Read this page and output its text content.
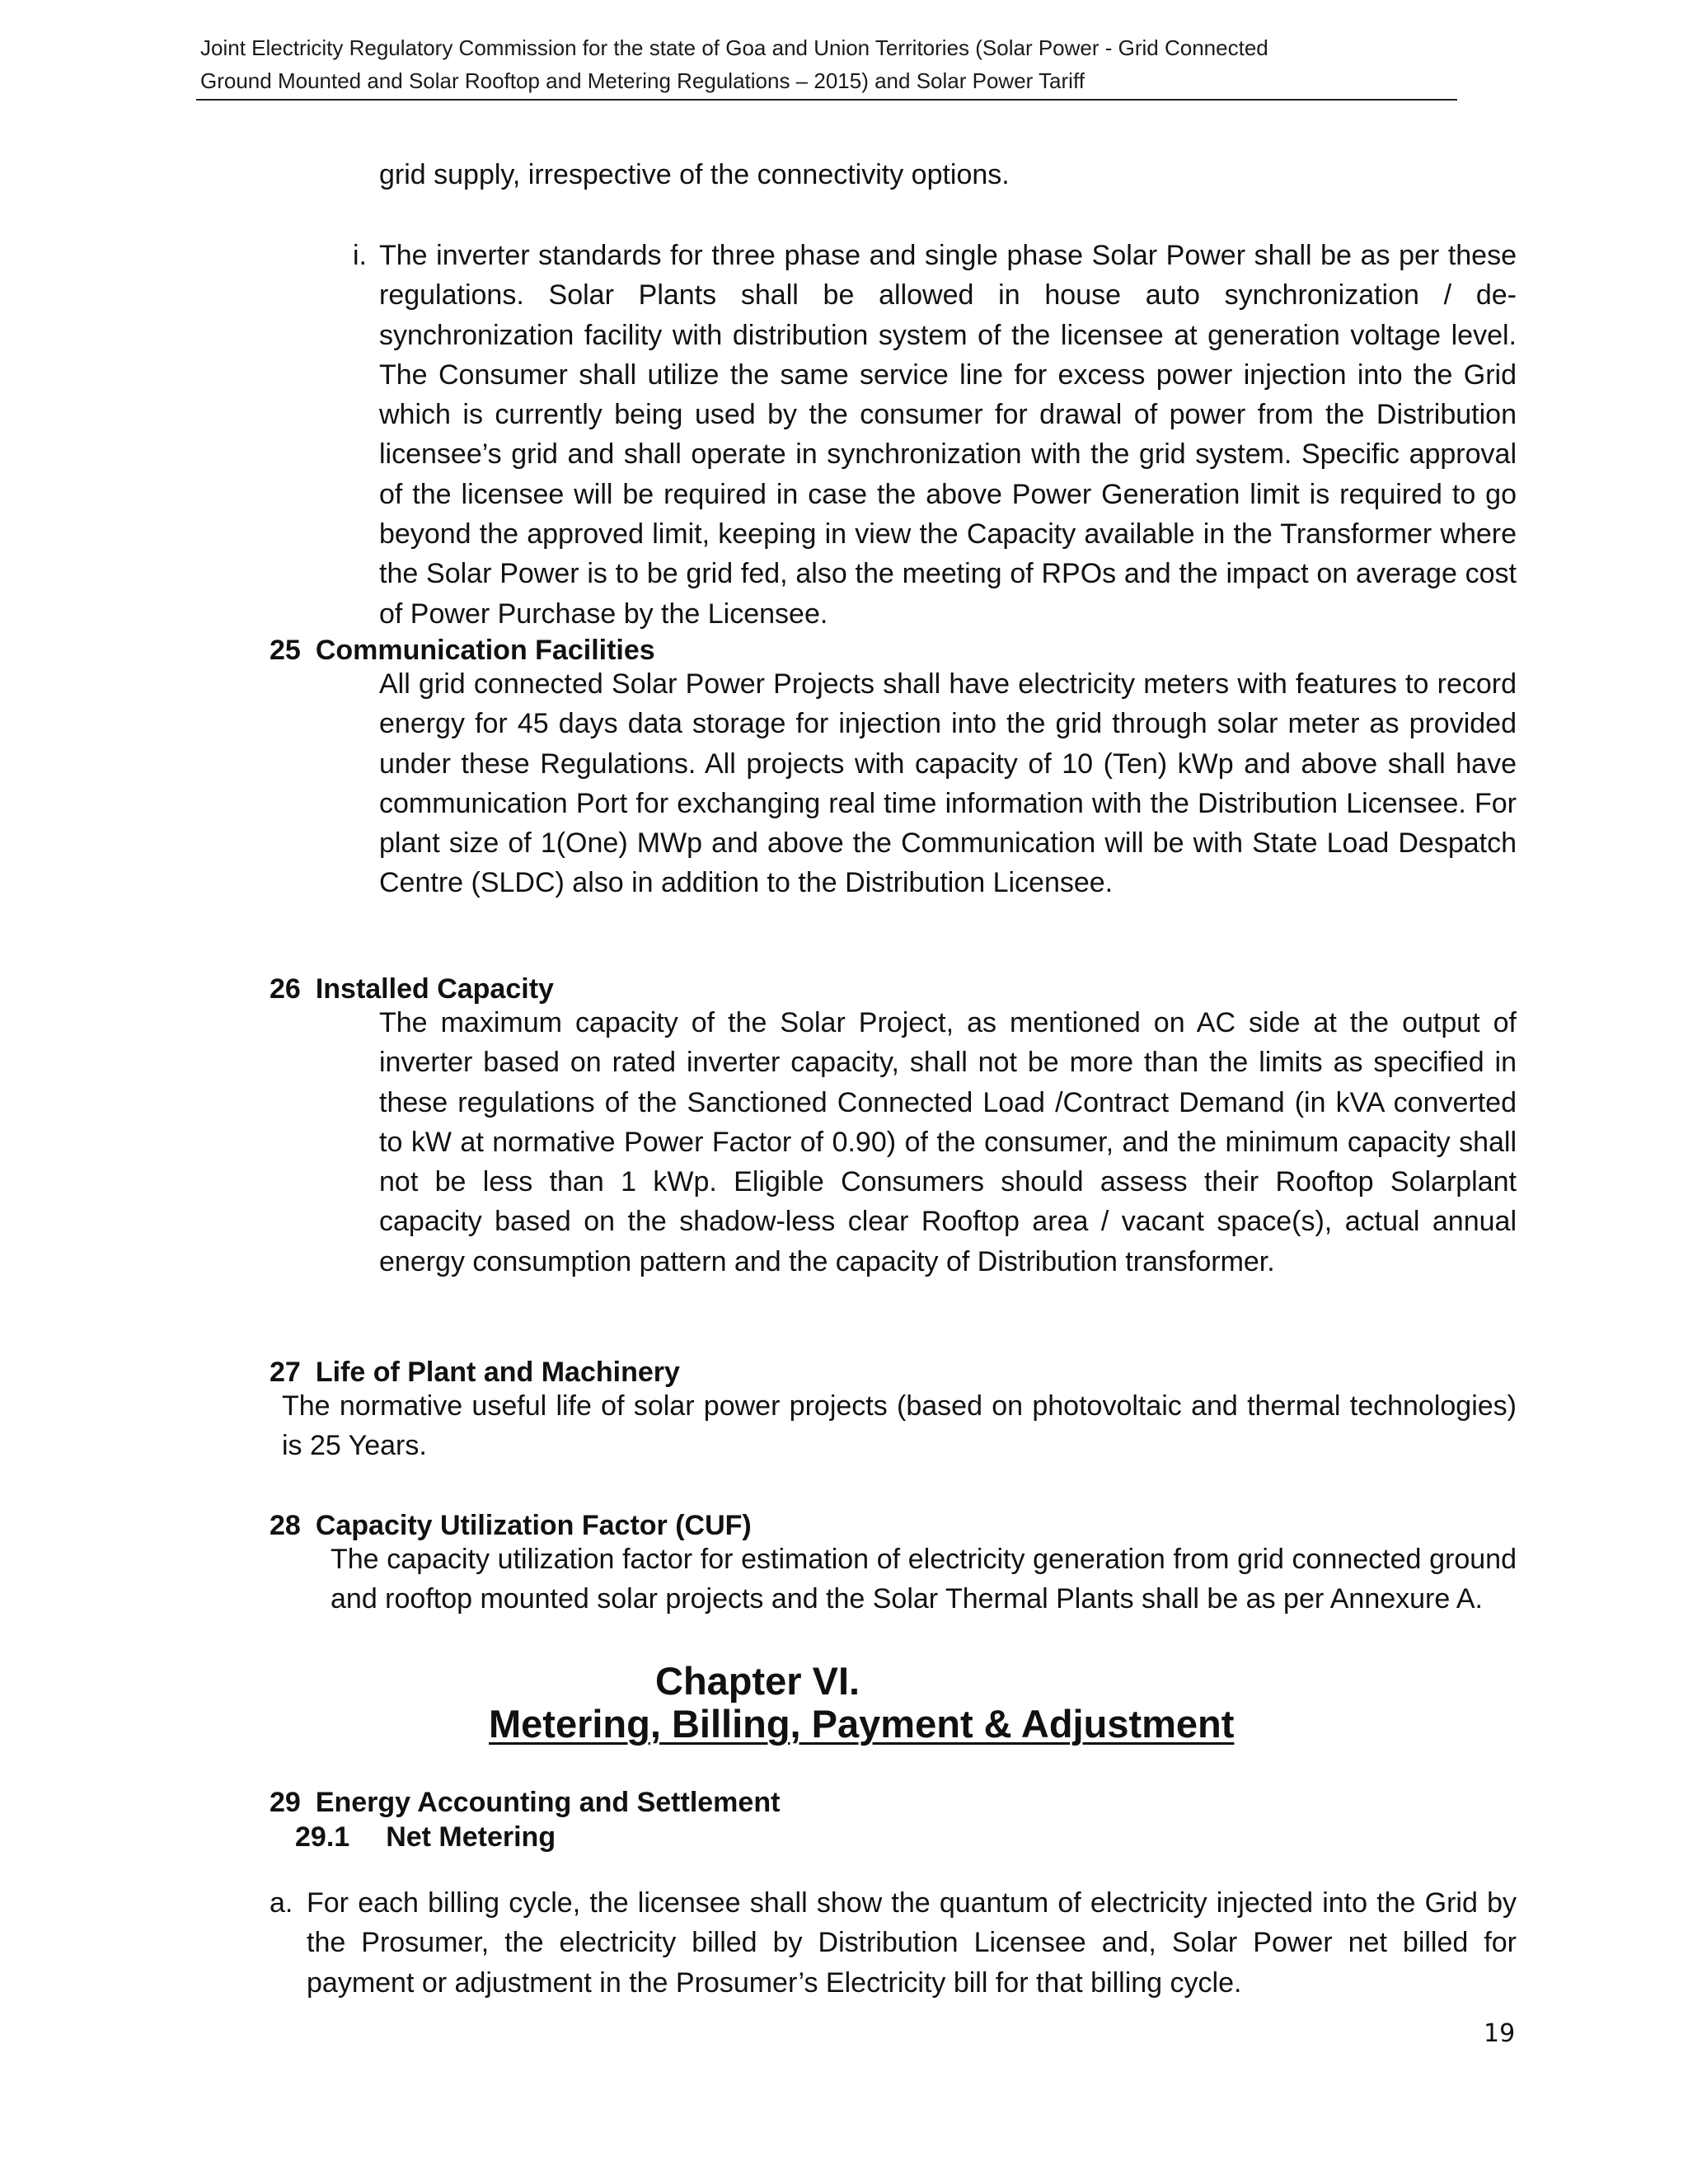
Joint Electricity Regulatory Commission for the state of Goa and Union Territories (Solar Power - Grid Connected
Ground Mounted and Solar Rooftop and Metering Regulations – 2015) and Solar Power Tariff
grid supply, irrespective of the connectivity options.
i. The inverter standards for three phase and single phase Solar Power shall be as per these regulations. Solar Plants shall be allowed in house auto synchronization / de-synchronization facility with distribution system of the licensee at generation voltage level. The Consumer shall utilize the same service line for excess power injection into the Grid which is currently being used by the consumer for drawal of power from the Distribution licensee’s grid and shall operate in synchronization with the grid system. Specific approval of the licensee will be required in case the above Power Generation limit is required to go beyond the approved limit, keeping in view the Capacity available in the Transformer where the Solar Power is to be grid fed, also the meeting of RPOs and the impact on average cost of Power Purchase by the Licensee.
25 Communication Facilities
All grid connected Solar Power Projects shall have electricity meters with features to record energy for 45 days data storage for injection into the grid through solar meter as provided under these Regulations. All projects with capacity of 10 (Ten) kWp and above shall have communication Port for exchanging real time information with the Distribution Licensee. For plant size of 1(One) MWp and above the Communication will be with State Load Despatch Centre (SLDC) also in addition to the Distribution Licensee.
26 Installed Capacity
The maximum capacity of the Solar Project, as mentioned on AC side at the output of inverter based on rated inverter capacity, shall not be more than the limits as specified in these regulations of the Sanctioned Connected Load /Contract Demand (in kVA converted to kW at normative Power Factor of 0.90) of the consumer, and the minimum capacity shall not be less than 1 kWp. Eligible Consumers should assess their Rooftop Solarplant capacity based on the shadow-less clear Rooftop area / vacant space(s), actual annual energy consumption pattern and the capacity of Distribution transformer.
27 Life of Plant and Machinery
The normative useful life of solar power projects (based on photovoltaic and thermal technologies) is 25 Years.
28 Capacity Utilization Factor (CUF)
The capacity utilization factor for estimation of electricity generation from grid connected ground and rooftop mounted solar projects and the Solar Thermal Plants shall be as per Annexure A.
Chapter VI.
Metering, Billing, Payment & Adjustment
29 Energy Accounting and Settlement
29.1 Net Metering
a. For each billing cycle, the licensee shall show the quantum of electricity injected into the Grid by the Prosumer, the electricity billed by Distribution Licensee and, Solar Power net billed for payment or adjustment in the Prosumer’s Electricity bill for that billing cycle.
19
